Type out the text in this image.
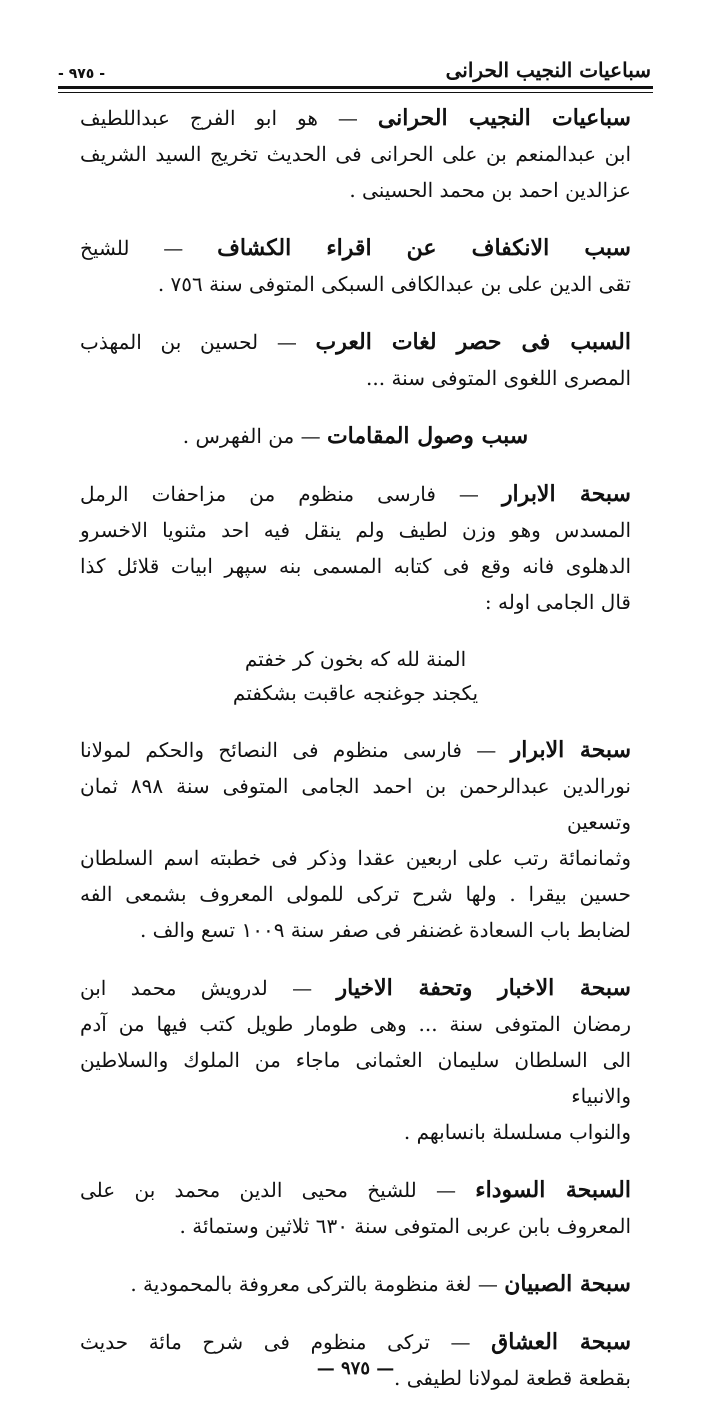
- ٩٧٥ -	سباعيات النجيب الحرانى
سباعيات النجيب الحرانى — هو ابو الفرج عبداللطيف
ابن عبدالمنعم بن على الحرانى فى الحديث تخريج السيد الشريف
عزالدين احمد بن محمد الحسينى .
سبب الانكفاف عن اقراء الكشاف — للشيخ
تقى الدين على بن عبدالكافى السبكى المتوفى سنة ٧٥٦ .
السبب فى حصر لغات العرب — لحسين بن المهذب
المصرى اللغوى المتوفى سنة ...
سبب وصول المقامات — من الفهرس .
سبحة الابرار — فارسى منظوم من مزاحفات الرمل
المسدس وهو وزن لطيف ولم ينقل فيه احد مثنويا الاخسرو
الدهلوى فانه وقع فى كتابه المسمى بنه سپهر ابيات قلائل كذا
قال الجامى اوله :
المنة لله كه بخون كر خفتم
يكجند جوغنجه عاقبت بشكفتم
سبحة الابرار — فارسى منظوم فى النصائح والحكم لمولانا
نورالدين عبدالرحمن بن احمد الجامى المتوفى سنة ٨٩٨ ثمان وتسعين
وثمانمائة رتب على اربعين عقدا وذكر فى خطبته اسم السلطان
حسين بيقرا . ولها شرح تركى للمولى المعروف بشمعى الفه
لضابط باب السعادة غضنفر فى صفر سنة ١٠٠٩ تسع والف .
سبحة الاخبار وتحفة الاخيار — لدرويش محمد ابن
رمضان المتوفى سنة ... وهى طومار طويل كتب فيها من آدم
الى السلطان سليمان العثمانى ماجاء من الملوك والسلاطين والانبياء
والنواب مسلسلة بانسابهم .
السبحة السوداء — للشيخ محيى الدين محمد بن على
المعروف بابن عربى المتوفى سنة ٦٣٠ ثلاثين وستمائة .
سبحة الصبيان — لغة منظومة بالتركى معروفة بالمحمودية .
سبحة العشاق — تركى منظوم فى شرح مائة حديث
بقطعة قطعة لمولانا لطيفى .
— ٩٧٥ —
